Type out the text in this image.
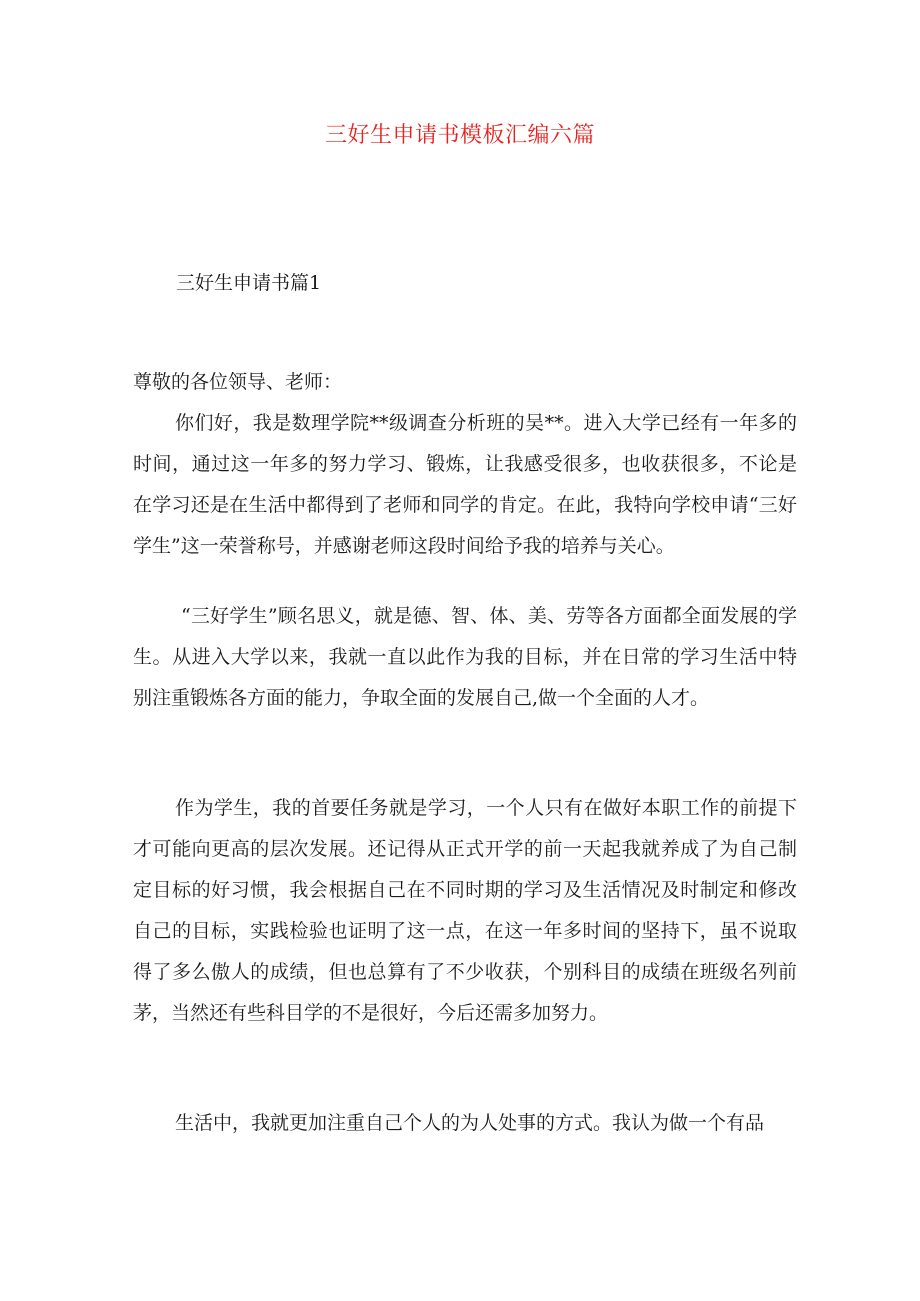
三好生申请书模板汇编六篇
三好生申请书篇1

尊敬的各位领导、老师：

你们好，我是数理学院**级调查分析班的吴**。进入大学已经有一年多的时间，通过这一年多的努力学习、锻炼，让我感受很多，也收获很多，不论是在学习还是在生活中都得到了老师和同学的肯定。在此，我特向学校申请“三好学生”这一荣誉称号，并感谢老师这段时间给予我的培养与关心。

“三好学生”顾名思义，就是德、智、体、美、劳等各方面都全面发展的学生。从进入大学以来，我就一直以此作为我的目标，并在日常的学习生活中特别注重锻炼各方面的能力，争取全面的发展自己,做一个全面的人才。

作为学生，我的首要任务就是学习，一个人只有在做好本职工作的前提下才可能向更高的层次发展。还记得从正式开学的前一天起我就养成了为自己制定目标的好习惯，我会根据自己在不同时期的学习及生活情况及时制定和修改自己的目标，实践检验也证明了这一点，在这一年多时间的坚持下，虽不说取得了多么傲人的成绩，但也总算有了不少收获，个别科目的成绩在班级名列前茅，当然还有些科目学的不是很好，今后还需多加努力。

生活中，我就更加注重自己个人的为人处事的方式。我认为做一个有品
